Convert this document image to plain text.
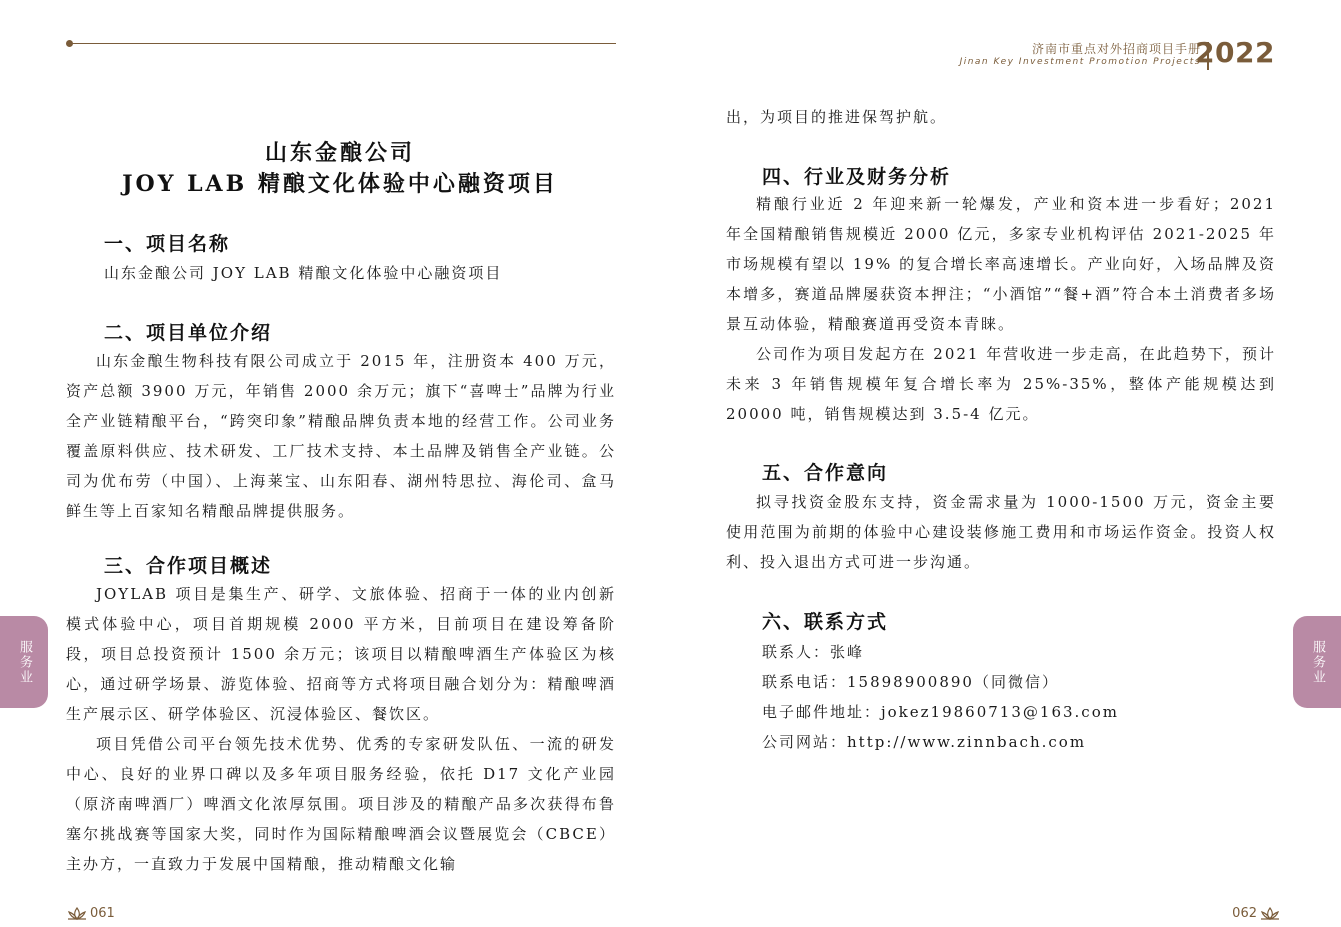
山东金酿公司
JOY LAB 精酿文化体验中心融资项目
一、项目名称
山东金酿公司 JOY LAB 精酿文化体验中心融资项目
二、项目单位介绍
山东金酿生物科技有限公司成立于 2015 年，注册资本 400 万元，资产总额 3900 万元，年销售 2000 余万元；旗下“喜啤士”品牌为行业全产业链精酿平台，“跨突印象”精酿品牌负责本地的经营工作。公司业务覆盖原料供应、技术研发、工厂技术支持、本土品牌及销售全产业链。公司为优布劳（中国）、上海莱宝、山东阳春、湖州特思拉、海伦司、盒马鲜生等上百家知名精酿品牌提供服务。
三、合作项目概述
JOYLAB 项目是集生产、研学、文旅体验、招商于一体的业内创新模式体验中心，项目首期规模 2000 平方米，目前项目在建设筹备阶段，项目总投资预计 1500 余万元；该项目以精酿啤酒生产体验区为核心，通过研学场景、游览体验、招商等方式将项目融合划分为：精酿啤酒生产展示区、研学体验区、沉浸体验区、餐饮区。
项目凭借公司平台领先技术优势、优秀的专家研发队伍、一流的研发中心、良好的业界口碑以及多年项目服务经验，依托 D17 文化产业园（原济南啤酒厂）啤酒文化浓厚氛围。项目涉及的精酿产品多次获得布鲁塞尔挑战赛等国家大奖，同时作为国际精酿啤酒会议暨展览会（CBCE）主办方，一直致力于发展中国精酿，推动精酿文化输
服务业
061
济南市重点对外招商项目手册
Jinan Key Investment Promotion Projects
2022
出，为项目的推进保驾护航。
四、行业及财务分析
精酿行业近 2 年迎来新一轮爆发，产业和资本进一步看好；2021 年全国精酿销售规模近 2000 亿元，多家专业机构评估 2021-2025 年市场规模有望以 19% 的复合增长率高速增长。产业向好，入场品牌及资本增多，赛道品牌屡获资本押注；“小酒馆”“餐+酒”符合本土消费者多场景互动体验，精酿赛道再受资本青睐。
公司作为项目发起方在 2021 年营收进一步走高，在此趋势下，预计未来 3 年销售规模年复合增长率为 25%-35%，整体产能规模达到 20000 吨，销售规模达到 3.5-4 亿元。
五、合作意向
拟寻找资金股东支持，资金需求量为 1000-1500 万元，资金主要使用范围为前期的体验中心建设装修施工费用和市场运作资金。投资人权利、投入退出方式可进一步沟通。
六、联系方式
联系人：张峰
联系电话：15898900890（同微信）
电子邮件地址：jokez19860713@163.com
公司网站：http://www.zinnbach.com
服务业
062
